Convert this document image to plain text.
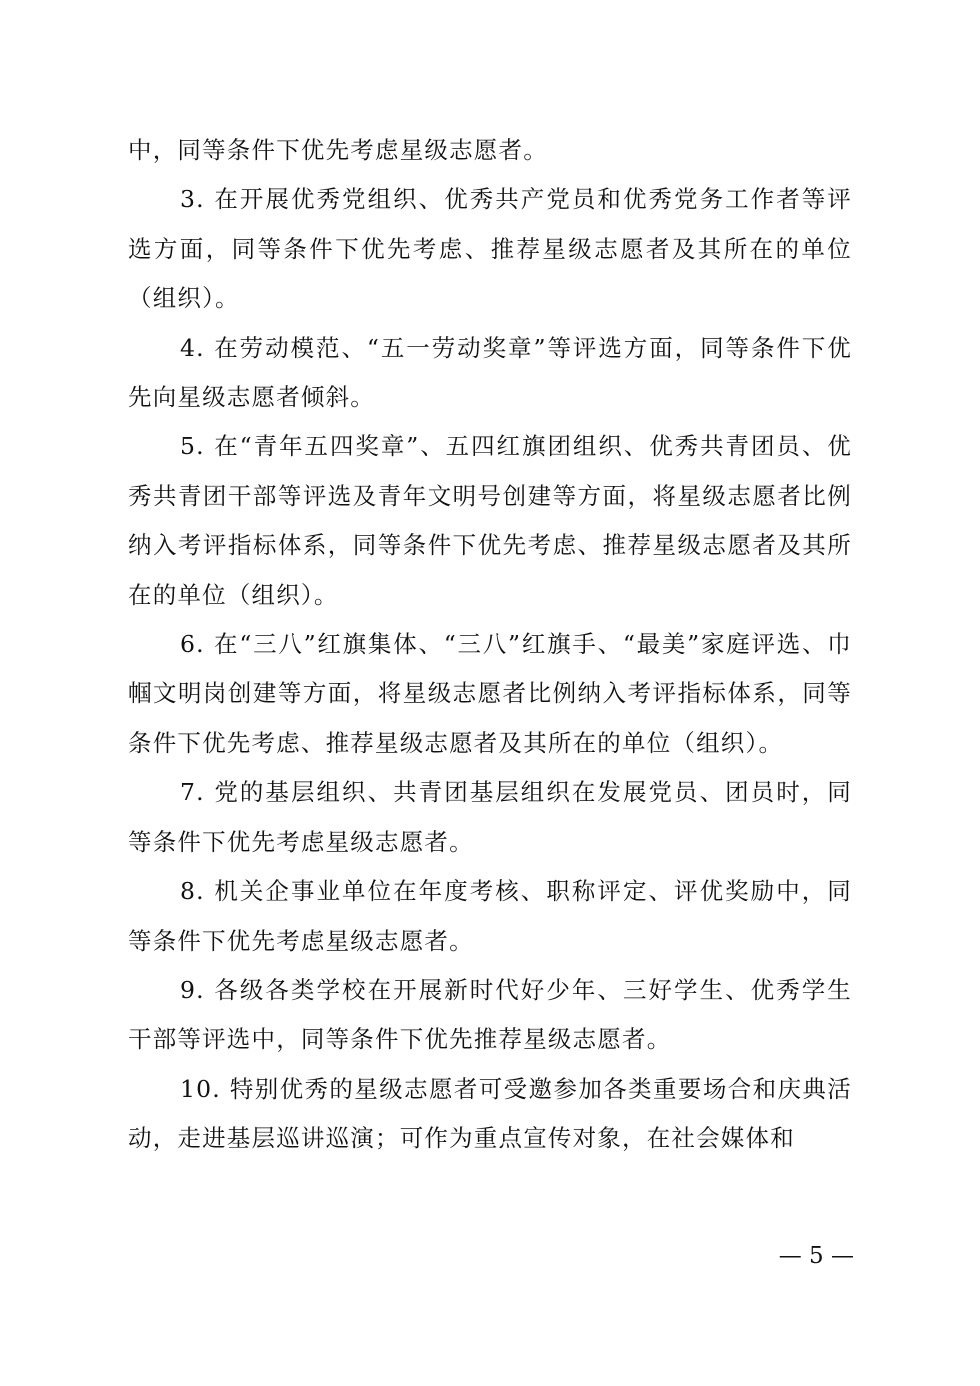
中，同等条件下优先考虑星级志愿者。

3. 在开展优秀党组织、优秀共产党员和优秀党务工作者等评选方面，同等条件下优先考虑、推荐星级志愿者及其所在的单位（组织）。

4. 在劳动模范、“五一劳动奖章”等评选方面，同等条件下优先向星级志愿者倾斜。

5. 在“青年五四奖章”、五四红旗团组织、优秀共青团员、优秀共青团干部等评选及青年文明号创建等方面，将星级志愿者比例纳入考评指标体系，同等条件下优先考虑、推荐星级志愿者及其所在的单位（组织）。

6. 在“三八”红旗集体、“三八”红旗手、“最美”家庭评选、巾帼文明岗创建等方面，将星级志愿者比例纳入考评指标体系，同等条件下优先考虑、推荐星级志愿者及其所在的单位（组织）。

7. 党的基层组织、共青团基层组织在发展党员、团员时，同等条件下优先考虑星级志愿者。

8. 机关企事业单位在年度考核、职称评定、评优奖励中，同等条件下优先考虑星级志愿者。

9. 各级各类学校在开展新时代好少年、三好学生、优秀学生干部等评选中，同等条件下优先推荐星级志愿者。

10. 特别优秀的星级志愿者可受邀参加各类重要场合和庆典活动，走进基层巡讲巡演；可作为重点宣传对象，在社会媒体和

— 5 —
